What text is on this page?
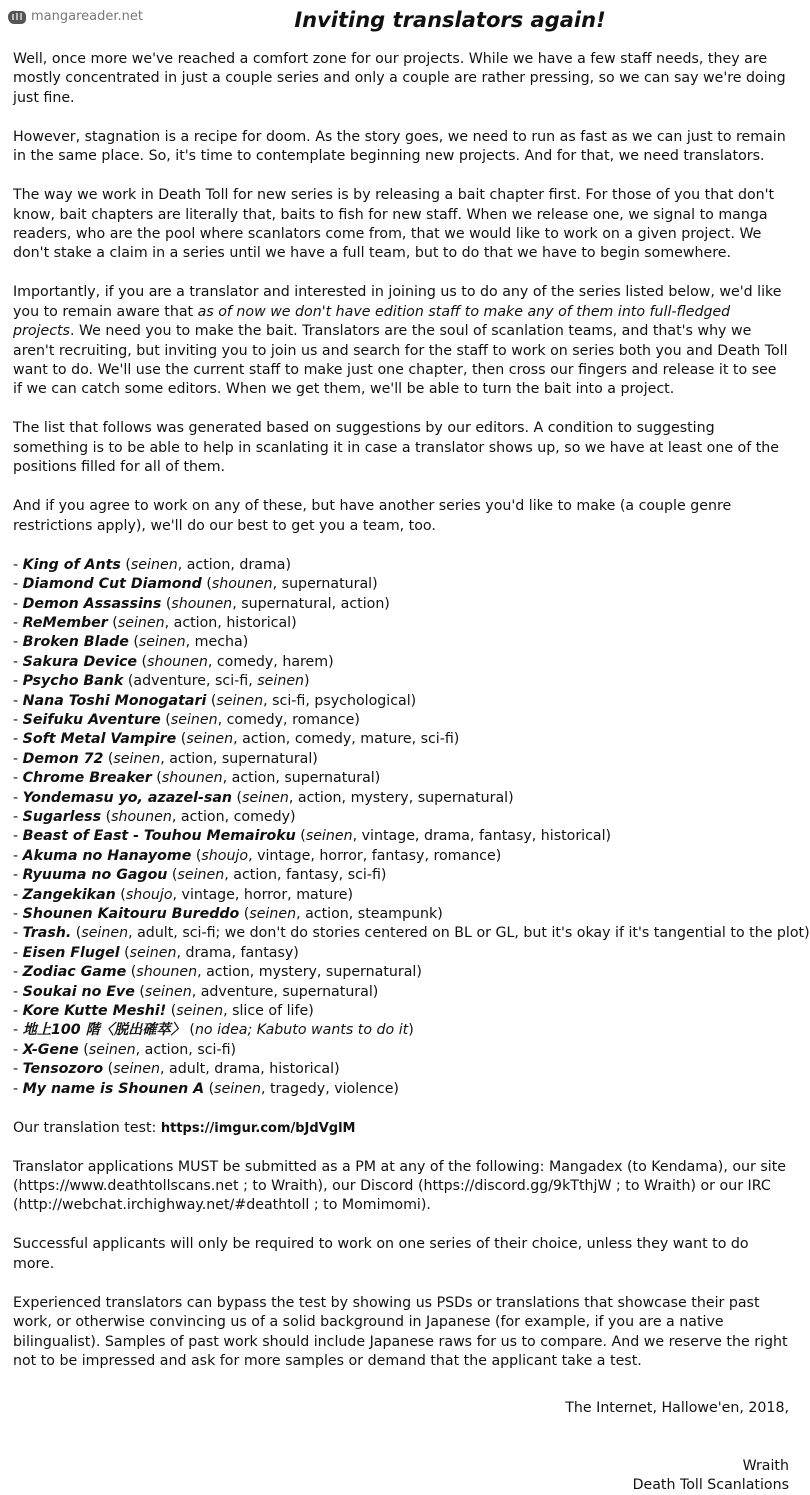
mangareader.net	Inviting translators again!

Well, once more we've reached a comfort zone for our projects. While we have a few staff needs, they are mostly concentrated in just a couple series and only a couple are rather pressing, so we can say we're doing just fine.

However, stagnation is a recipe for doom. As the story goes, we need to run as fast as we can just to remain in the same place. So, it's time to contemplate beginning new projects. And for that, we need translators.

The way we work in Death Toll for new series is by releasing a bait chapter first. For those of you that don't know, bait chapters are literally that, baits to fish for new staff. When we release one, we signal to manga readers, who are the pool where scanlators come from, that we would like to work on a given project. We don't stake a claim in a series until we have a full team, but to do that we have to begin somewhere.

Importantly, if you are a translator and interested in joining us to do any of the series listed below, we'd like you to remain aware that as of now we don't have edition staff to make any of them into full-fledged projects. We need you to make the bait. Translators are the soul of scanlation teams, and that's why we aren't recruiting, but inviting you to join us and search for the staff to work on series both you and Death Toll want to do. We'll use the current staff to make just one chapter, then cross our fingers and release it to see if we can catch some editors. When we get them, we'll be able to turn the bait into a project.

The list that follows was generated based on suggestions by our editors. A condition to suggesting something is to be able to help in scanlating it in case a translator shows up, so we have at least one of the positions filled for all of them.

And if you agree to work on any of these, but have another series you'd like to make (a couple genre restrictions apply), we'll do our best to get you a team, too.

- King of Ants (seinen, action, drama)
- Diamond Cut Diamond (shounen, supernatural)
- Demon Assassins (shounen, supernatural, action)
- ReMember (seinen, action, historical)
- Broken Blade (seinen, mecha)
- Sakura Device (shounen, comedy, harem)
- Psycho Bank (adventure, sci-fi, seinen)
- Nana Toshi Monogatari (seinen, sci-fi, psychological)
- Seifuku Aventure (seinen, comedy, romance)
- Soft Metal Vampire (seinen, action, comedy, mature, sci-fi)
- Demon 72 (seinen, action, supernatural)
- Chrome Breaker (shounen, action, supernatural)
- Yondemasu yo, azazel-san (seinen, action, mystery, supernatural)
- Sugarless (shounen, action, comedy)
- Beast of East - Touhou Memairoku (seinen, vintage, drama, fantasy, historical)
- Akuma no Hanayome (shoujo, vintage, horror, fantasy, romance)
- Ryuuma no Gagou (seinen, action, fantasy, sci-fi)
- Zangekikan (shoujo, vintage, horror, mature)
- Shounen Kaitouru Bureddo (seinen, action, steampunk)
- Trash. (seinen, adult, sci-fi; we don't do stories centered on BL or GL, but it's okay if it's tangential to the plot)
- Eisen Flugel (seinen, drama, fantasy)
- Zodiac Game (shounen, action, mystery, supernatural)
- Soukai no Eve (seinen, adventure, supernatural)
- Kore Kutte Meshi! (seinen, slice of life)
- 地上100 階〈脱出確萃〉 (no idea; Kabuto wants to do it)
- X-Gene (seinen, action, sci-fi)
- Tensozoro (seinen, adult, drama, historical)
- My name is Shounen A (seinen, tragedy, violence)

Our translation test: https://imgur.com/bJdVglM

Translator applications MUST be submitted as a PM at any of the following: Mangadex (to Kendama), our site (https://www.deathtollscans.net ; to Wraith), our Discord (https://discord.gg/9kTthjW ; to Wraith) or our IRC (http://webchat.irchighway.net/#deathtoll ; to Momimomi).

Successful applicants will only be required to work on one series of their choice, unless they want to do more.

Experienced translators can bypass the test by showing us PSDs or translations that showcase their past work, or otherwise convincing us of a solid background in Japanese (for example, if you are a native bilingualist). Samples of past work should include Japanese raws for us to compare. And we reserve the right not to be impressed and ask for more samples or demand that the applicant take a test.

The Internet, Hallowe'en, 2018,

Wraith

Death Toll Scanlations
